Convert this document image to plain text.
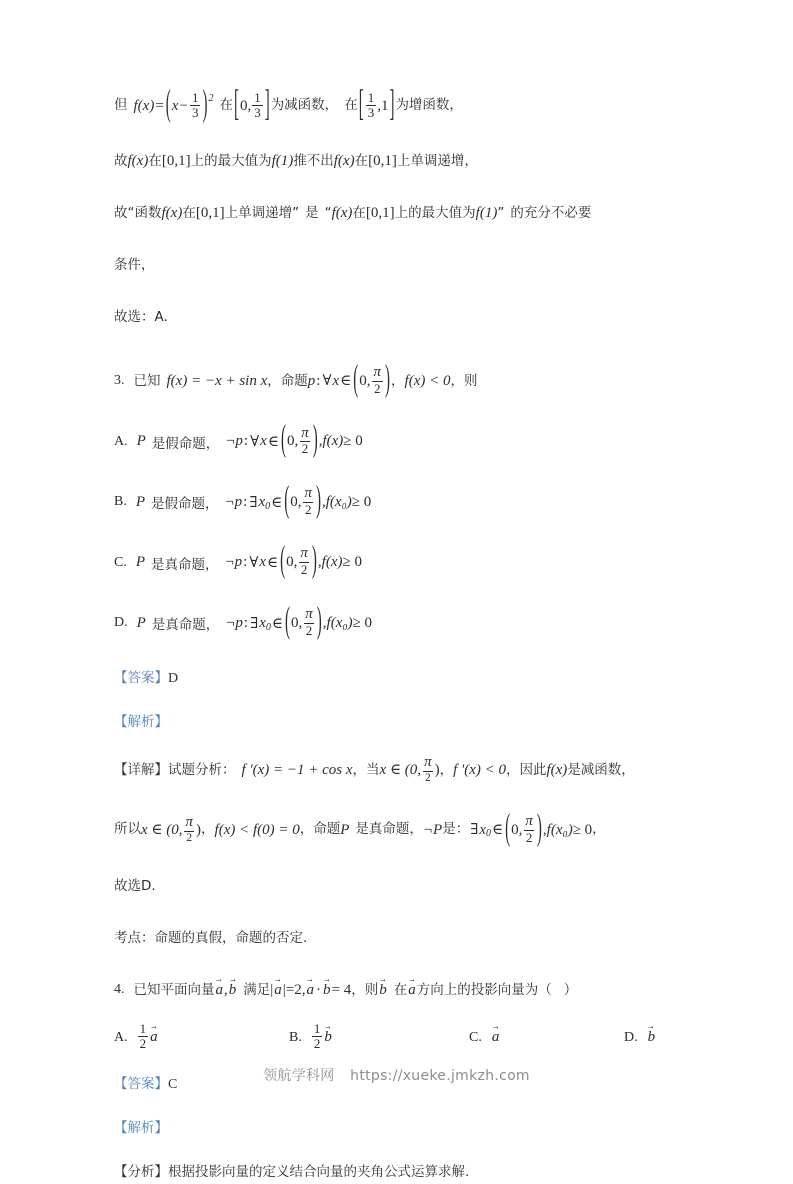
但 f(x) = ( $x - \frac{1}{3}$ ) 2 在 [ 0, $\frac{1}{3}$ ] 为减函数， 在 [ $\frac{1}{3} ,1$ ] 为增函数，
故 f(x) 在 [0,1] 上的最大值为 f(1) 推不出 f(x) 在 [0,1] 上单调递增，
故 “ 函数 f(x) 在 [0,1] 上单调递增 ” 是 “ f(x) 在 [0,1] 上的最大值为 f(1) ” 的充分不必要
条件，
故选：A.
3. 已知 f(x) = −x + sin x ， 命题 p : ∀ x ∈ ( 0, $\frac{\pi}{2}$ ) ， f(x) < 0 ， 则
A. P 是假命题， ¬p : ∀ x ∈ ( 0, $\frac{\pi}{2}$ ) , f(x) ≥ 0
B. P 是假命题， ¬p : ∃ x 0 ∈ ( 0, $\frac{\pi}{2}$ ) , f(x₀) ≥ 0
C. P 是真命题， ¬p : ∀ x ∈ ( 0, $\frac{\pi}{2}$ ) , f(x) ≥ 0
D. P 是真命题， ¬p : ∃ x 0 ∈ ( 0, $\frac{\pi}{2}$ ) , f(x₀) ≥ 0
【答案】 D
【解析】
【详解】 试题分析： f '(x) = −1 + cos x ， 当 x ∈ (0, $\frac{\pi}{2}$ ) ， f '(x) < 0 ， 因此 f(x) 是减函数，
所以 x ∈ (0, $\frac{\pi}{2}$ ) ， f(x) < f(0) = 0 ， 命题 P 是真命题， ¬P 是： ∃ x 0 ∈ ( 0, $\frac{\pi}{2}$ ) , f(x₀) ≥ 0 ，
故选D.
考点：命题的真假，命题的否定.
4. 已知平面向量 a → , b → 满足 | a → |= 2, a → · b → = 4 ， 则 b → 在 a → 方向上的投影向量为（ ）
A. $\frac{1}{2}$ a →	B. $\frac{1}{2}$ b →	C. a →	D. b →
【答案】 C
【解析】
【分析】 根据投影向量的定义结合向量的夹角公式运算求解.
领航学科网 https://xueke.jmkzh.com
